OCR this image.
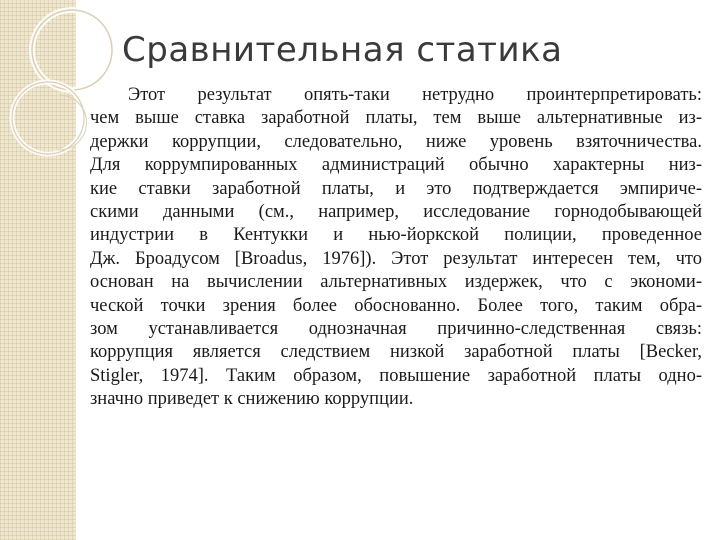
Сравнительная статика
Этот результат опять-таки нетрудно проинтерпретировать:
чем выше ставка заработной платы, тем выше альтернативные из-
держки коррупции, следовательно, ниже уровень взяточничества.
Для коррумпированных администраций обычно характерны низ-
кие ставки заработной платы, и это подтверждается эмпириче-
скими данными (см., например, исследование горнодобывающей
индустрии в Кентукки и нью-йоркской полиции, проведенное
Дж. Броадусом [Broadus, 1976]). Этот результат интересен тем, что
основан на вычислении альтернативных издержек, что с экономи-
ческой точки зрения более обоснованно. Более того, таким обра-
зом устанавливается однозначная причинно-следственная связь:
коррупция является следствием низкой заработной платы [Becker,
Stigler, 1974]. Таким образом, повышение заработной платы одно-
значно приведет к снижению коррупции.
